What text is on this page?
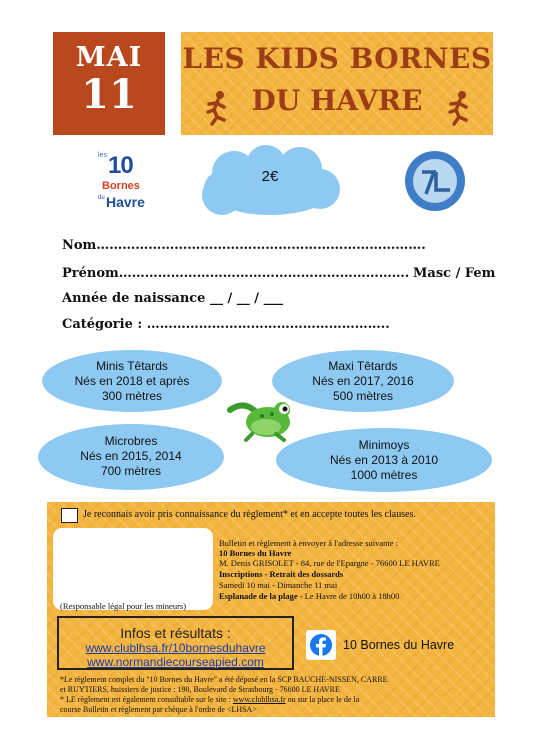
MAI
11
LES KIDS BORNES
DU HAVRE
les 10
Bornes
du Havre
2€
Nom………………………………………………………………….
Prénom…………………………………………………………. Masc / Fem
Année de naissance __ / __ / ___
Catégorie : ………………………………………………..
Minis Têtards
Nés en 2018 et après
300 mètres
Maxi Têtards
Nés en 2017, 2016
500 mètres
Microbres
Nés en 2015, 2014
700 mètres
Minimoys
Nés en 2013 à 2010
1000 mètres
Je reconnais avoir pris connaissance du règlement* et en accepte toutes les clauses.
(Responsable légal pour les mineurs)
Bulletin et règlement à envoyer à l'adresse suivante :
10 Bornes du Havre
M. Denis GRISOLET - 84, rue de l'Epargne - 76600 LE HAVRE
Inscriptions - Retrait des dossards
Samedi 10 mai - Dimanche 11 mai
Esplanade de la plage - Le Havre de 10h00 à 18h00
Infos et résultats :
www.clublhsa.fr/10bornesduhavre
www.normandiecourseapied.com
10 Bornes du Havre
*Le règlement complet du "10 Bornes du Havre" a été déposé en la SCP BAUCHE-NISSEN, CARRE
et RUYTIERS, huissiers de justice : 190, Boulevard de Strasbourg - 76600 LE HAVRE
* LE règlement est également consultable sur le site : www.clublhsa.fr ou sur la place le de la
course Bulletin et règlement par chèque à l'ordre de <LHSA>
